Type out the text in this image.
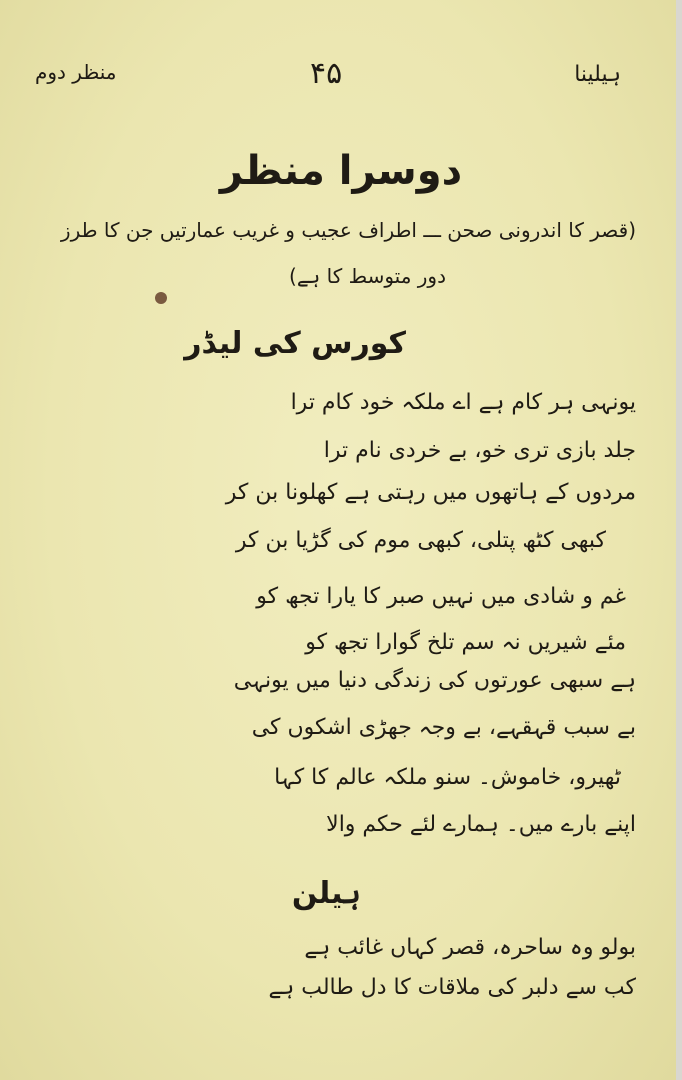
منظر دوم	۴۵	ہیلینا
دوسرا منظر
(قصر کا اندرونی صحن ـــ اطراف عجیب و غریب عمارتیں جن کا طرز
دور متوسط کا ہے)
کورس کی لیڈر
یونہی ہر کام ہے اے ملکہ خود کام ترا
جلد بازی تری خو، بے خردی نام ترا
مردوں کے ہاتھوں میں رہتی ہے کھلونا بن کر
کبھی کٹھ پتلی، کبھی موم کی گڑیا بن کر
غم و شادی میں نہیں صبر کا یارا تجھ کو
مئے شیریں نہ سم تلخ گوارا تجھ کو
ہے سبھی عورتوں کی زندگی دنیا میں یونہی
بے سبب قہقہے، بے وجہ جھڑی اشکوں کی
ٹھیرو، خاموش۔ سنو ملکہ عالم کا کہا
اپنے بارے میں۔ ہمارے لئے حکم والا
ہیلن
بولو وہ ساحرہ، قصر کہاں غائب ہے
کب سے دلبر کی ملاقات کا دل طالب ہے
